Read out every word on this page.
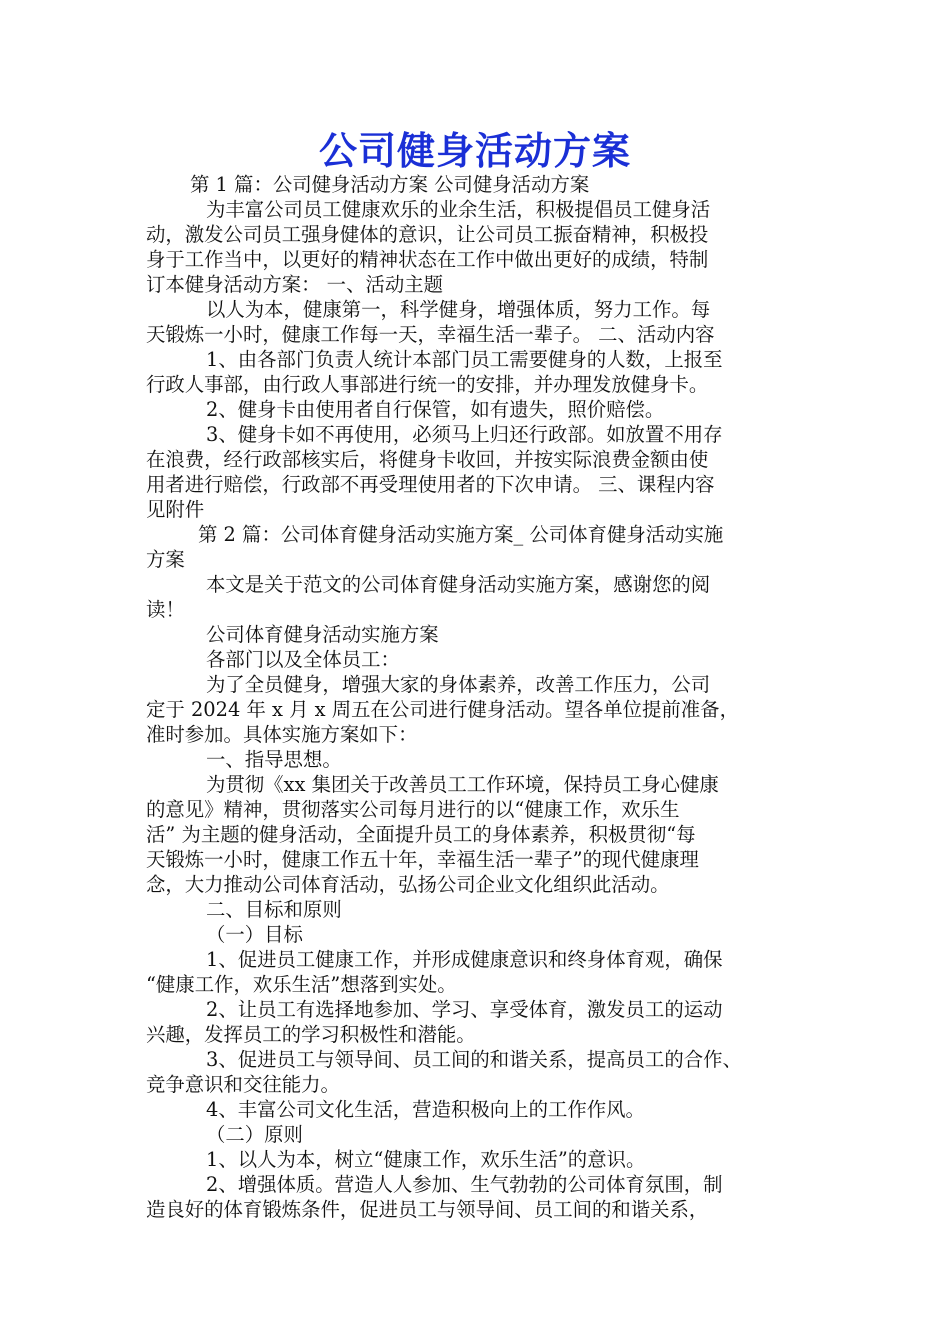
公司健身活动方案
第 1 篇：公司健身活动方案 公司健身活动方案
为丰富公司员工健康欢乐的业余生活，积极提倡员工健身活
动，激发公司员工强身健体的意识，让公司员工振奋精神，积极投
身于工作当中，以更好的精神状态在工作中做出更好的成绩，特制
订本健身活动方案： 一、活动主题
以人为本，健康第一，科学健身，增强体质，努力工作。每
天锻炼一小时，健康工作每一天，幸福生活一辈子。 二、活动内容
1、由各部门负责人统计本部门员工需要健身的人数，上报至
行政人事部，由行政人事部进行统一的安排，并办理发放健身卡。
2、健身卡由使用者自行保管，如有遗失，照价赔偿。
3、健身卡如不再使用，必须马上归还行政部。如放置不用存
在浪费，经行政部核实后，将健身卡收回，并按实际浪费金额由使
用者进行赔偿，行政部不再受理使用者的下次申请。 三、课程内容
见附件
第 2 篇：公司体育健身活动实施方案_ 公司体育健身活动实施
方案
本文是关于范文的公司体育健身活动实施方案，感谢您的阅
读！
公司体育健身活动实施方案
各部门以及全体员工：
为了全员健身，增强大家的身体素养，改善工作压力，公司
定于 2024 年 x 月 x 周五在公司进行健身活动。望各单位提前准备，
准时参加。具体实施方案如下：
一、指导思想。
为贯彻《xx 集团关于改善员工工作环境，保持员工身心健康
的意见》精神，贯彻落实公司每月进行的以“健康工作，欢乐生
活” 为主题的健身活动，全面提升员工的身体素养，积极贯彻“每
天锻炼一小时，健康工作五十年，幸福生活一辈子”的现代健康理
念，大力推动公司体育活动，弘扬公司企业文化组织此活动。
二、目标和原则
（一）目标
1、促进员工健康工作，并形成健康意识和终身体育观，确保
“健康工作，欢乐生活”想落到实处。
2、让员工有选择地参加、学习、享受体育，激发员工的运动
兴趣，发挥员工的学习积极性和潜能。
3、促进员工与领导间、员工间的和谐关系，提高员工的合作、
竞争意识和交往能力。
4、丰富公司文化生活，营造积极向上的工作作风。
（二）原则
1、以人为本，树立“健康工作，欢乐生活”的意识。
2、增强体质。营造人人参加、生气勃勃的公司体育氛围，制
造良好的体育锻炼条件，促进员工与领导间、员工间的和谐关系，
